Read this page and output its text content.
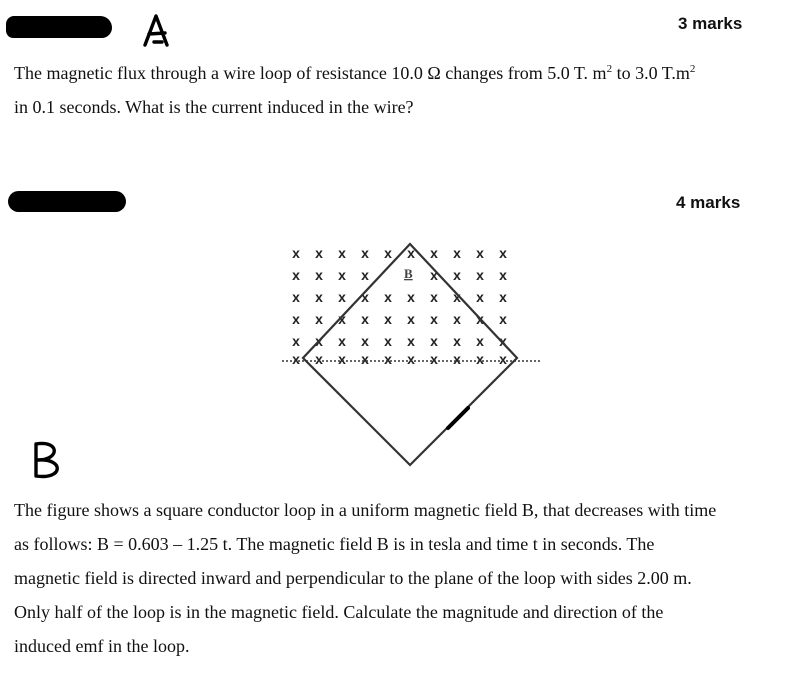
3 marks

The magnetic flux through a wire loop of resistance 10.0 Ω changes from 5.0 T. $m^2$ to 3.0 $T.m^2$
in 0.1 seconds. What is the current induced in the wire?

4 marks
x x x x x x x x x x
x x x x	x x x x
x x x x x x x x x x
x x x x x x x x x x
x x x x x x x x x x
x x x x x x x x x x
B

The figure shows a square conductor loop in a uniform magnetic field B, that decreases with time
as follows: B = 0.603 – 1.25 t. The magnetic field B is in tesla and time t in seconds. The
magnetic field is directed inward and perpendicular to the plane of the loop with sides 2.00 m.
Only half of the loop is in the magnetic field. Calculate the magnitude and direction of the
induced emf in the loop.
